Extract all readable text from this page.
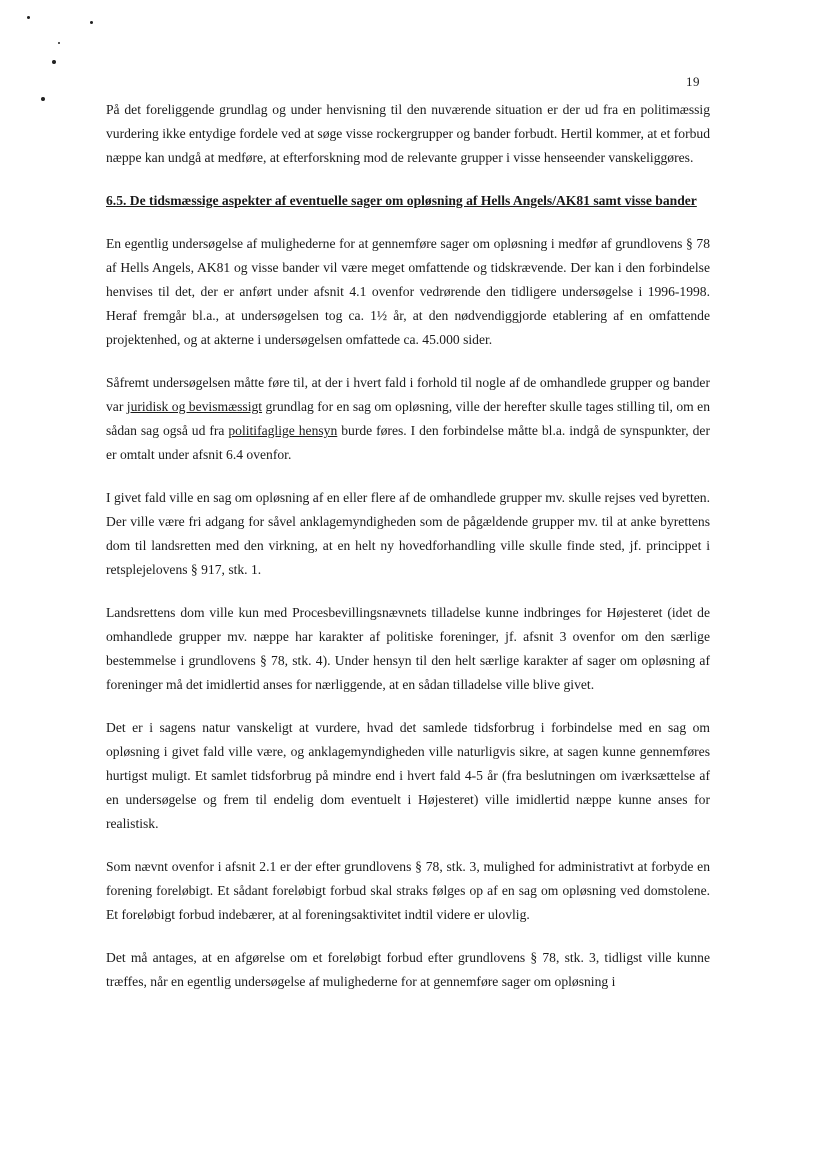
19

På det foreliggende grundlag og under henvisning til den nuværende situation er der ud fra en politimæssig vurdering ikke entydige fordele ved at søge visse rockergrupper og bander forbudt. Hertil kommer, at et forbud næppe kan undgå at medføre, at efterforskning mod de relevante grupper i visse henseender vanskeliggøres.

6.5. De tidsmæssige aspekter af eventuelle sager om opløsning af Hells Angels/AK81 samt visse bander

En egentlig undersøgelse af mulighederne for at gennemføre sager om opløsning i medfør af grundlovens § 78 af Hells Angels, AK81 og visse bander vil være meget omfattende og tidskrævende. Der kan i den forbindelse henvises til det, der er anført under afsnit 4.1 ovenfor vedrørende den tidligere undersøgelse i 1996-1998. Heraf fremgår bl.a., at undersøgelsen tog ca. 1½ år, at den nødvendiggjorde etablering af en omfattende projektenhed, og at akterne i undersøgelsen omfattede ca. 45.000 sider.

Såfremt undersøgelsen måtte føre til, at der i hvert fald i forhold til nogle af de omhandlede grupper og bander var juridisk og bevismæssigt grundlag for en sag om opløsning, ville der herefter skulle tages stilling til, om en sådan sag også ud fra politifaglige hensyn burde føres. I den forbindelse måtte bl.a. indgå de synspunkter, der er omtalt under afsnit 6.4 ovenfor.

I givet fald ville en sag om opløsning af en eller flere af de omhandlede grupper mv. skulle rejses ved byretten. Der ville være fri adgang for såvel anklagemyndigheden som de pågældende grupper mv. til at anke byrettens dom til landsretten med den virkning, at en helt ny hovedforhandling ville skulle finde sted, jf. princippet i retsplejelovens § 917, stk. 1.

Landsrettens dom ville kun med Procesbevillingsnævnets tilladelse kunne indbringes for Højesteret (idet de omhandlede grupper mv. næppe har karakter af politiske foreninger, jf. afsnit 3 ovenfor om den særlige bestemmelse i grundlovens § 78, stk. 4). Under hensyn til den helt særlige karakter af sager om opløsning af foreninger må det imidlertid anses for nærliggende, at en sådan tilladelse ville blive givet.

Det er i sagens natur vanskeligt at vurdere, hvad det samlede tidsforbrug i forbindelse med en sag om opløsning i givet fald ville være, og anklagemyndigheden ville naturligvis sikre, at sagen kunne gennemføres hurtigst muligt. Et samlet tidsforbrug på mindre end i hvert fald 4-5 år (fra beslutningen om iværksættelse af en undersøgelse og frem til endelig dom eventuelt i Højesteret) ville imidlertid næppe kunne anses for realistisk.

Som nævnt ovenfor i afsnit 2.1 er der efter grundlovens § 78, stk. 3, mulighed for administrativt at forbyde en forening foreløbigt. Et sådant foreløbigt forbud skal straks følges op af en sag om opløsning ved domstolene. Et foreløbigt forbud indebærer, at al foreningsaktivitet indtil videre er ulovlig.

Det må antages, at en afgørelse om et foreløbigt forbud efter grundlovens § 78, stk. 3, tidligst ville kunne træffes, når en egentlig undersøgelse af mulighederne for at gennemføre sager om opløsning i
